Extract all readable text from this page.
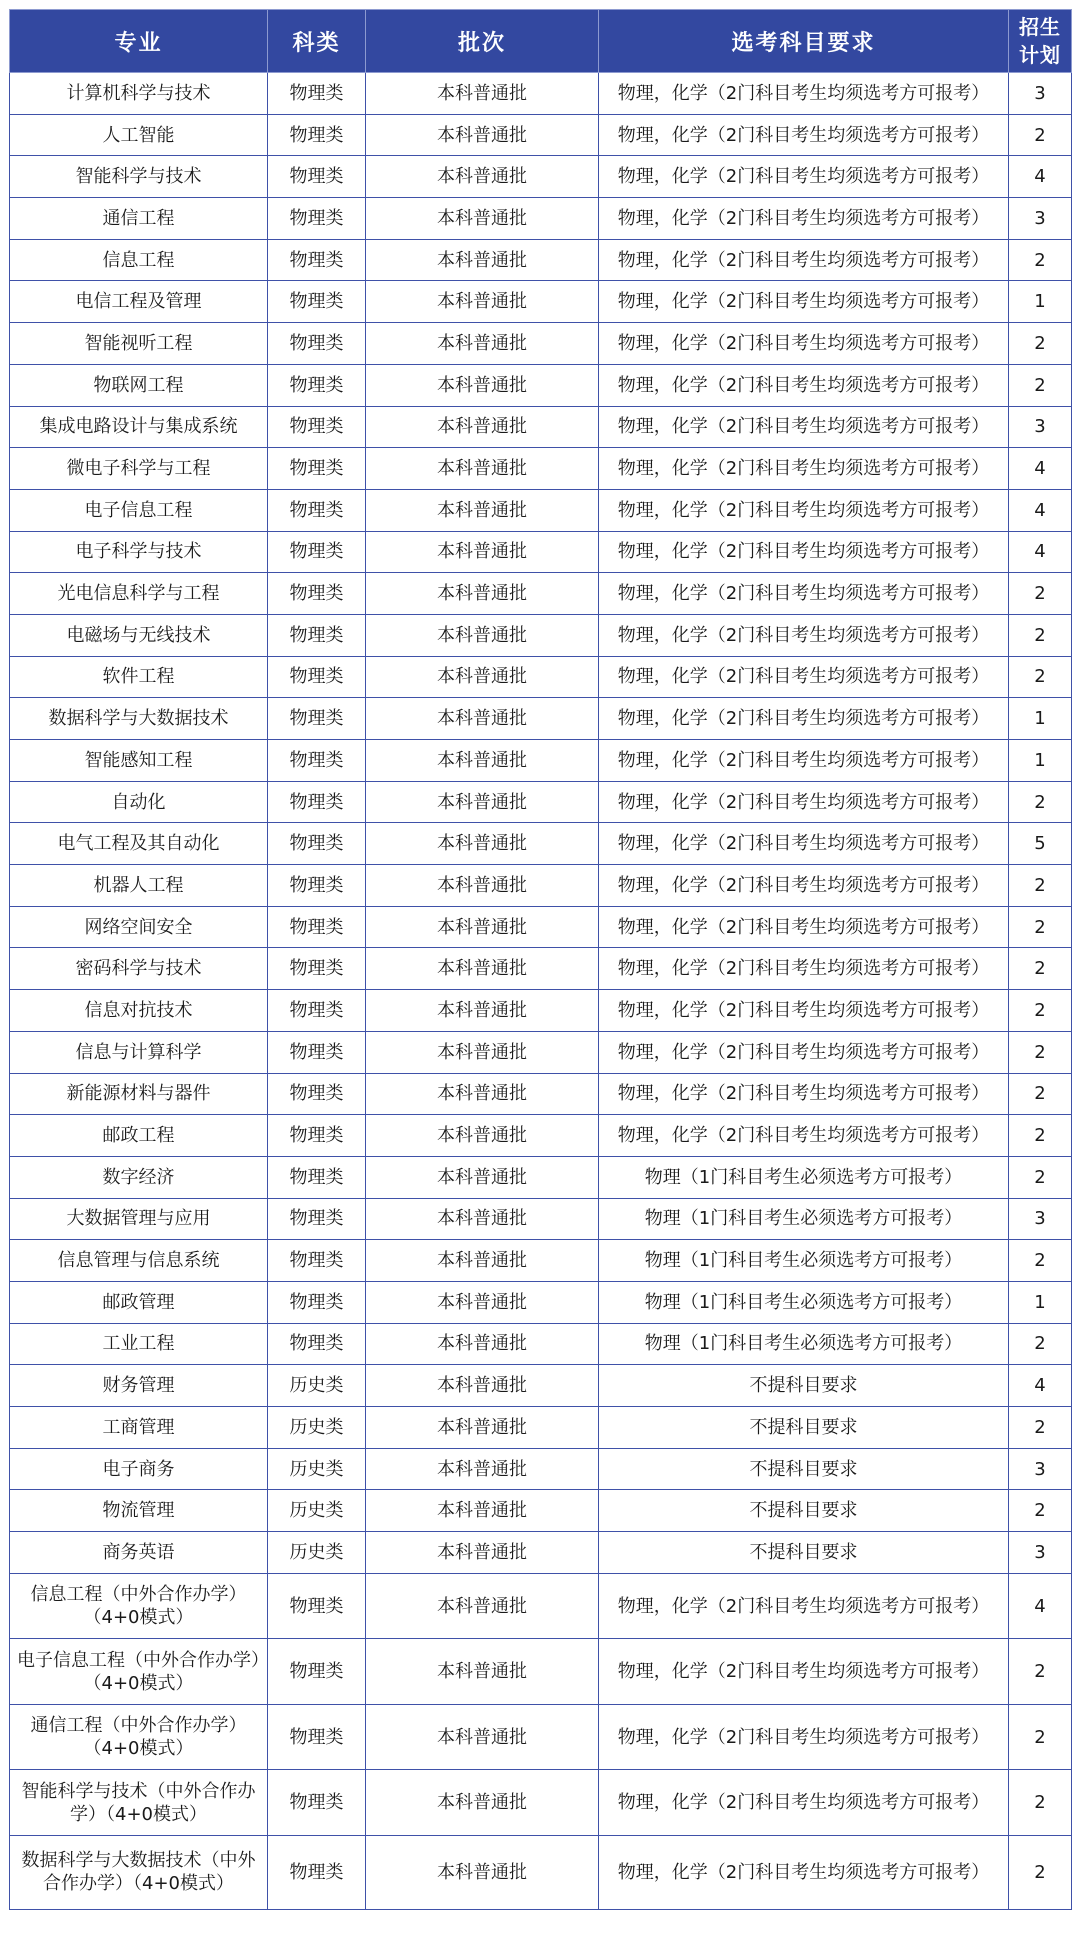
专业	科类	批次	选考科目要求	招生计划
计算机科学与技术	物理类	本科普通批	物理，化学（2门科目考生均须选考方可报考）	3
人工智能	物理类	本科普通批	物理，化学（2门科目考生均须选考方可报考）	2
智能科学与技术	物理类	本科普通批	物理，化学（2门科目考生均须选考方可报考）	4
通信工程	物理类	本科普通批	物理，化学（2门科目考生均须选考方可报考）	3
信息工程	物理类	本科普通批	物理，化学（2门科目考生均须选考方可报考）	2
电信工程及管理	物理类	本科普通批	物理，化学（2门科目考生均须选考方可报考）	1
智能视听工程	物理类	本科普通批	物理，化学（2门科目考生均须选考方可报考）	2
物联网工程	物理类	本科普通批	物理，化学（2门科目考生均须选考方可报考）	2
集成电路设计与集成系统	物理类	本科普通批	物理，化学（2门科目考生均须选考方可报考）	3
微电子科学与工程	物理类	本科普通批	物理，化学（2门科目考生均须选考方可报考）	4
电子信息工程	物理类	本科普通批	物理，化学（2门科目考生均须选考方可报考）	4
电子科学与技术	物理类	本科普通批	物理，化学（2门科目考生均须选考方可报考）	4
光电信息科学与工程	物理类	本科普通批	物理，化学（2门科目考生均须选考方可报考）	2
电磁场与无线技术	物理类	本科普通批	物理，化学（2门科目考生均须选考方可报考）	2
软件工程	物理类	本科普通批	物理，化学（2门科目考生均须选考方可报考）	2
数据科学与大数据技术	物理类	本科普通批	物理，化学（2门科目考生均须选考方可报考）	1
智能感知工程	物理类	本科普通批	物理，化学（2门科目考生均须选考方可报考）	1
自动化	物理类	本科普通批	物理，化学（2门科目考生均须选考方可报考）	2
电气工程及其自动化	物理类	本科普通批	物理，化学（2门科目考生均须选考方可报考）	5
机器人工程	物理类	本科普通批	物理，化学（2门科目考生均须选考方可报考）	2
网络空间安全	物理类	本科普通批	物理，化学（2门科目考生均须选考方可报考）	2
密码科学与技术	物理类	本科普通批	物理，化学（2门科目考生均须选考方可报考）	2
信息对抗技术	物理类	本科普通批	物理，化学（2门科目考生均须选考方可报考）	2
信息与计算科学	物理类	本科普通批	物理，化学（2门科目考生均须选考方可报考）	2
新能源材料与器件	物理类	本科普通批	物理，化学（2门科目考生均须选考方可报考）	2
邮政工程	物理类	本科普通批	物理，化学（2门科目考生均须选考方可报考）	2
数字经济	物理类	本科普通批	物理（1门科目考生必须选考方可报考）	2
大数据管理与应用	物理类	本科普通批	物理（1门科目考生必须选考方可报考）	3
信息管理与信息系统	物理类	本科普通批	物理（1门科目考生必须选考方可报考）	2
邮政管理	物理类	本科普通批	物理（1门科目考生必须选考方可报考）	1
工业工程	物理类	本科普通批	物理（1门科目考生必须选考方可报考）	2
财务管理	历史类	本科普通批	不提科目要求	4
工商管理	历史类	本科普通批	不提科目要求	2
电子商务	历史类	本科普通批	不提科目要求	3
物流管理	历史类	本科普通批	不提科目要求	2
商务英语	历史类	本科普通批	不提科目要求	3
信息工程（中外合作办学）（4+0模式）	物理类	本科普通批	物理，化学（2门科目考生均须选考方可报考）	4
电子信息工程（中外合作办学）（4+0模式）	物理类	本科普通批	物理，化学（2门科目考生均须选考方可报考）	2
通信工程（中外合作办学）（4+0模式）	物理类	本科普通批	物理，化学（2门科目考生均须选考方可报考）	2
智能科学与技术（中外合作办学）（4+0模式）	物理类	本科普通批	物理，化学（2门科目考生均须选考方可报考）	2
数据科学与大数据技术（中外合作办学）（4+0模式）	物理类	本科普通批	物理，化学（2门科目考生均须选考方可报考）	2
